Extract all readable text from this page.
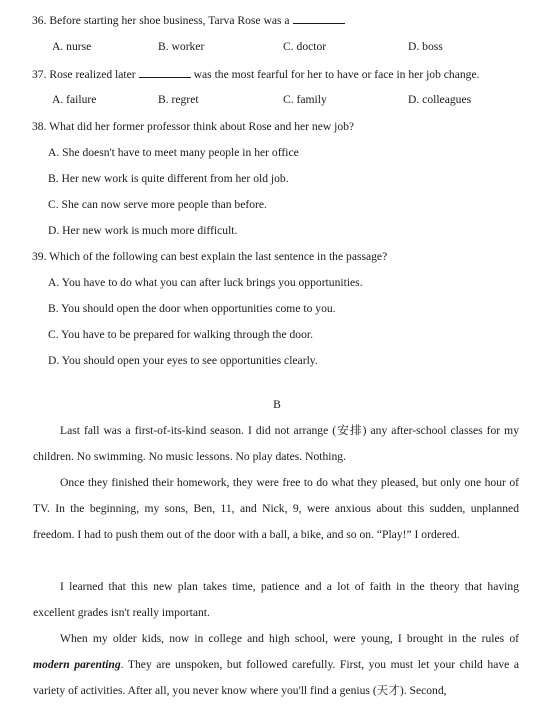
36. Before starting her shoe business, Tarva Rose was a
A. nurse	B. worker	C. doctor	D. boss
37. Rose realized later	was the most fearful for her to have or face in her job change.
A. failure	B. regret	C. family	D. colleagues
38. What did her former professor think about Rose and her new job?
A. She doesn't have to meet many people in her office
B. Her new work is quite different from her old job.
C. She can now serve more people than before.
D. Her new work is much more difficult.
39. Which of the following can best explain the last sentence in the passage?
A. You have to do what you can after luck brings you opportunities.
B. You should open the door when opportunities come to you.
C. You have to be prepared for walking through the door.
D. You should open your eyes to see opportunities clearly.
B

Last fall was a first-of-its-kind season. I did not arrange (安排) any after-school classes for my children. No swimming. No music lessons. No play dates. Nothing.

Once they finished their homework, they were free to do what they pleased, but only one hour of TV. In the beginning, my sons, Ben, 11, and Nick, 9, were anxious about this sudden, unplanned freedom. I had to push them out of the door with a ball, a bike, and so on. “Play!” I ordered.

I learned that this new plan takes time, patience and a lot of faith in the theory that having excellent grades isn't really important.

When my older kids, now in college and high school, were young, I brought in the rules of modern parenting. They are unspoken, but followed carefully. First, you must let your child have a variety of activities. After all, you never know where you'll find a genius (天才). Second,
